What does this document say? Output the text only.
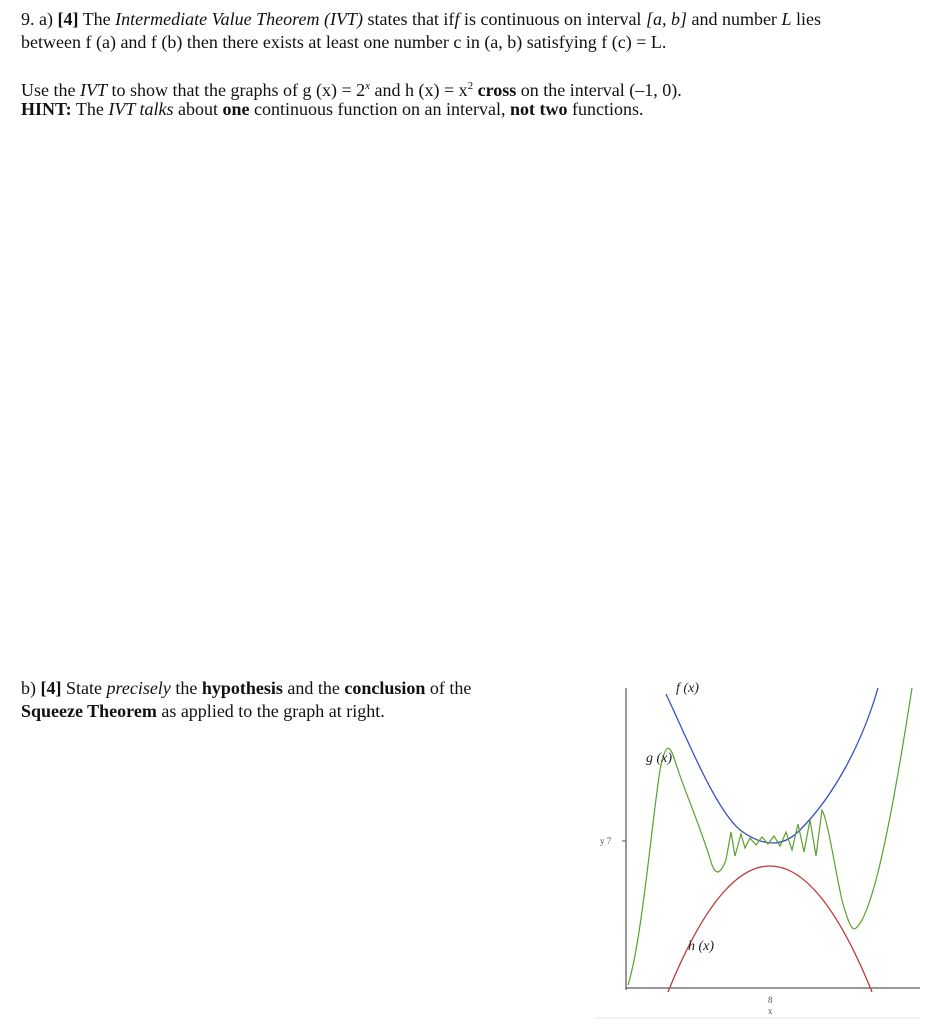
9. a) [4] The Intermediate Value Theorem (IVT) states that iff is continuous on interval [a, b] and number L lies
between f (a) and f (b) then there exists at least one number c in (a, b) satisfying f (c) = L.
Use the IVT to show that the graphs of g $(x) = 2^x$ and h $(x) = x^2$ cross on the interval (–1, 0).
HINT: The IVT talks about one continuous function on an interval, not two functions.
b) [4] State precisely the hypothesis and the conclusion of the
Squeeze Theorem as applied to the graph at right.
f (x)
g (x)
h (x)
y 7
8
x
